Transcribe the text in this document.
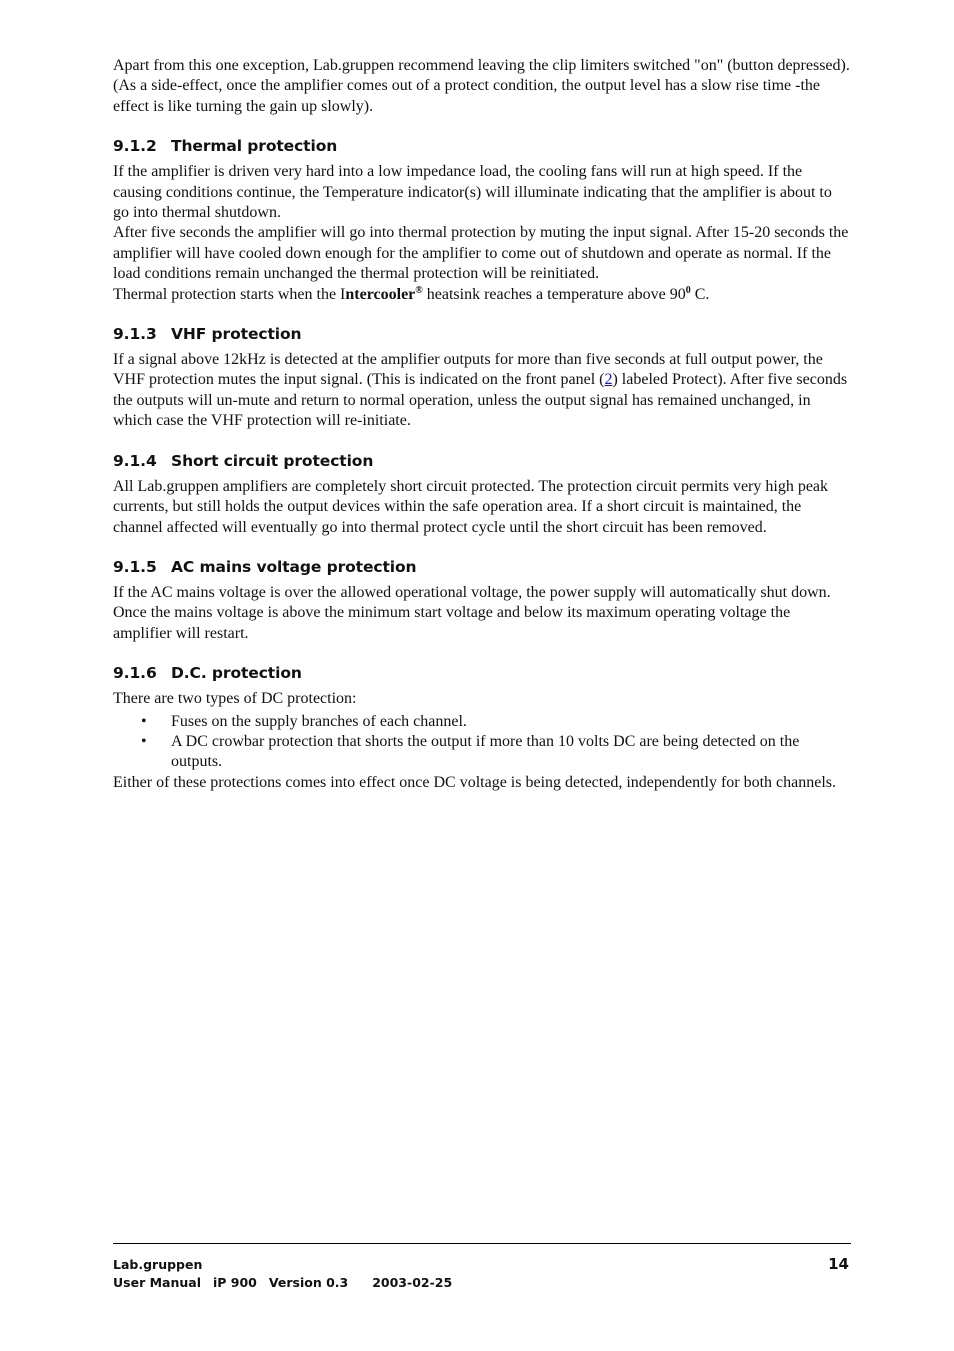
Apart from this one exception, Lab.gruppen recommend leaving the clip limiters switched "on" (button depressed). (As a side-effect, once the amplifier comes out of a protect condition, the output level has a slow rise time -the effect is like turning the gain up slowly).

9.1.2 Thermal protection

If the amplifier is driven very hard into a low impedance load, the cooling fans will run at high speed. If the causing conditions continue, the Temperature indicator(s) will illuminate indicating that the amplifier is about to go into thermal shutdown.

After five seconds the amplifier will go into thermal protection by muting the input signal. After 15-20 seconds the amplifier will have cooled down enough for the amplifier to come out of shutdown and operate as normal. If the load conditions remain unchanged the thermal protection will be reinitiated.

Thermal protection starts when the Intercooler® heatsink reaches a temperature above $90^0$ C.

9.1.3 VHF protection

If a signal above 12kHz is detected at the amplifier outputs for more than five seconds at full output power, the VHF protection mutes the input signal. (This is indicated on the front panel (2) labeled Protect). After five seconds the outputs will un-mute and return to normal operation, unless the output signal has remained unchanged, in which case the VHF protection will re-initiate.

9.1.4 Short circuit protection

All Lab.gruppen amplifiers are completely short circuit protected. The protection circuit permits very high peak currents, but still holds the output devices within the safe operation area. If a short circuit is maintained, the channel affected will eventually go into thermal protect cycle until the short circuit has been removed.

9.1.5 AC mains voltage protection

If the AC mains voltage is over the allowed operational voltage, the power supply will automatically shut down. Once the mains voltage is above the minimum start voltage and below its maximum operating voltage the amplifier will restart.

9.1.6 D.C. protection

There are two types of DC protection:

• Fuses on the supply branches of each channel.
• A DC crowbar protection that shorts the output if more than 10 volts DC are being detected on the outputs.

Either of these protections comes into effect once DC voltage is being detected, independently for both channels.

Lab.gruppen
User Manual iP 900 Version 0.3 2003-02-25
14
